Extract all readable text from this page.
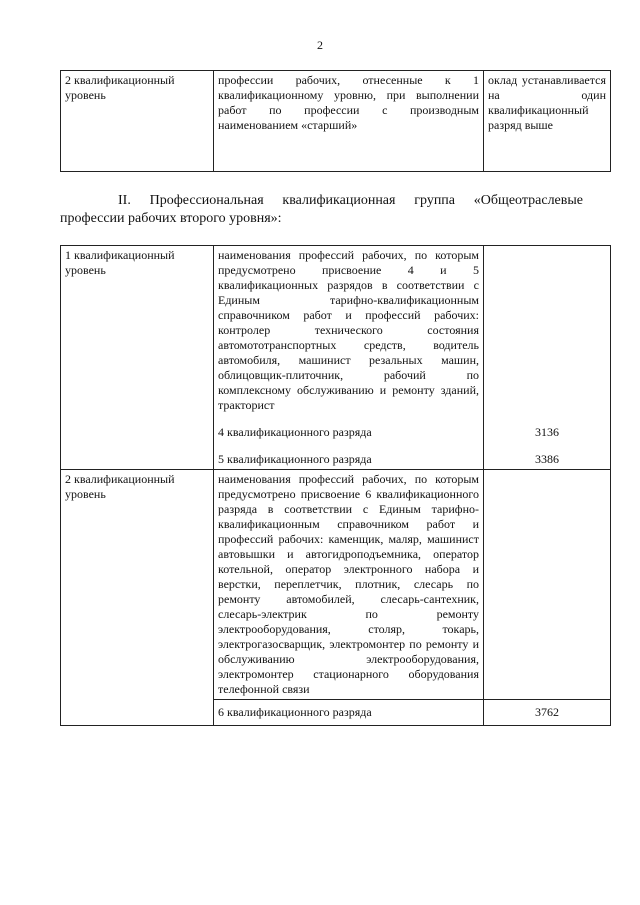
2
2 квалификационный уровень	профессии рабочих, отнесенные к 1 квалификационному уровню, при выполнении работ по профессии с производным наименованием «старший»	оклад устанавливается на один квалификационный разряд выше
II. Профессиональная квалификационная группа «Общеотраслевые профессии рабочих второго уровня»:
1 квалификационный уровень	наименования профессий рабочих, по которым предусмотрено присвоение 4 и 5 квалификационных разрядов в соответствии с Единым тарифно-квалификационным справочником работ и профессий рабочих: контролер технического состояния автомототранспортных средств, водитель автомобиля, машинист резальных машин, облицовщик-плиточник, рабочий по комплексному обслуживанию и ремонту зданий, тракторист	
	4 квалификационного разряда	3136
	5 квалификационного разряда	3386
2 квалификационный уровень	наименования профессий рабочих, по которым предусмотрено присвоение 6 квалификационного разряда в соответствии с Единым тарифно-квалификационным справочником работ и профессий рабочих: каменщик, маляр, машинист автовышки и автогидроподъемника, оператор котельной, оператор электронного набора и верстки, переплетчик, плотник, слесарь по ремонту автомобилей, слесарь-сантехник, слесарь-электрик по ремонту электрооборудования, столяр, токарь, электрогазосварщик, электромонтер по ремонту и обслуживанию электрооборудования, электромонтер стационарного оборудования телефонной связи	
	6 квалификационного разряда	3762
